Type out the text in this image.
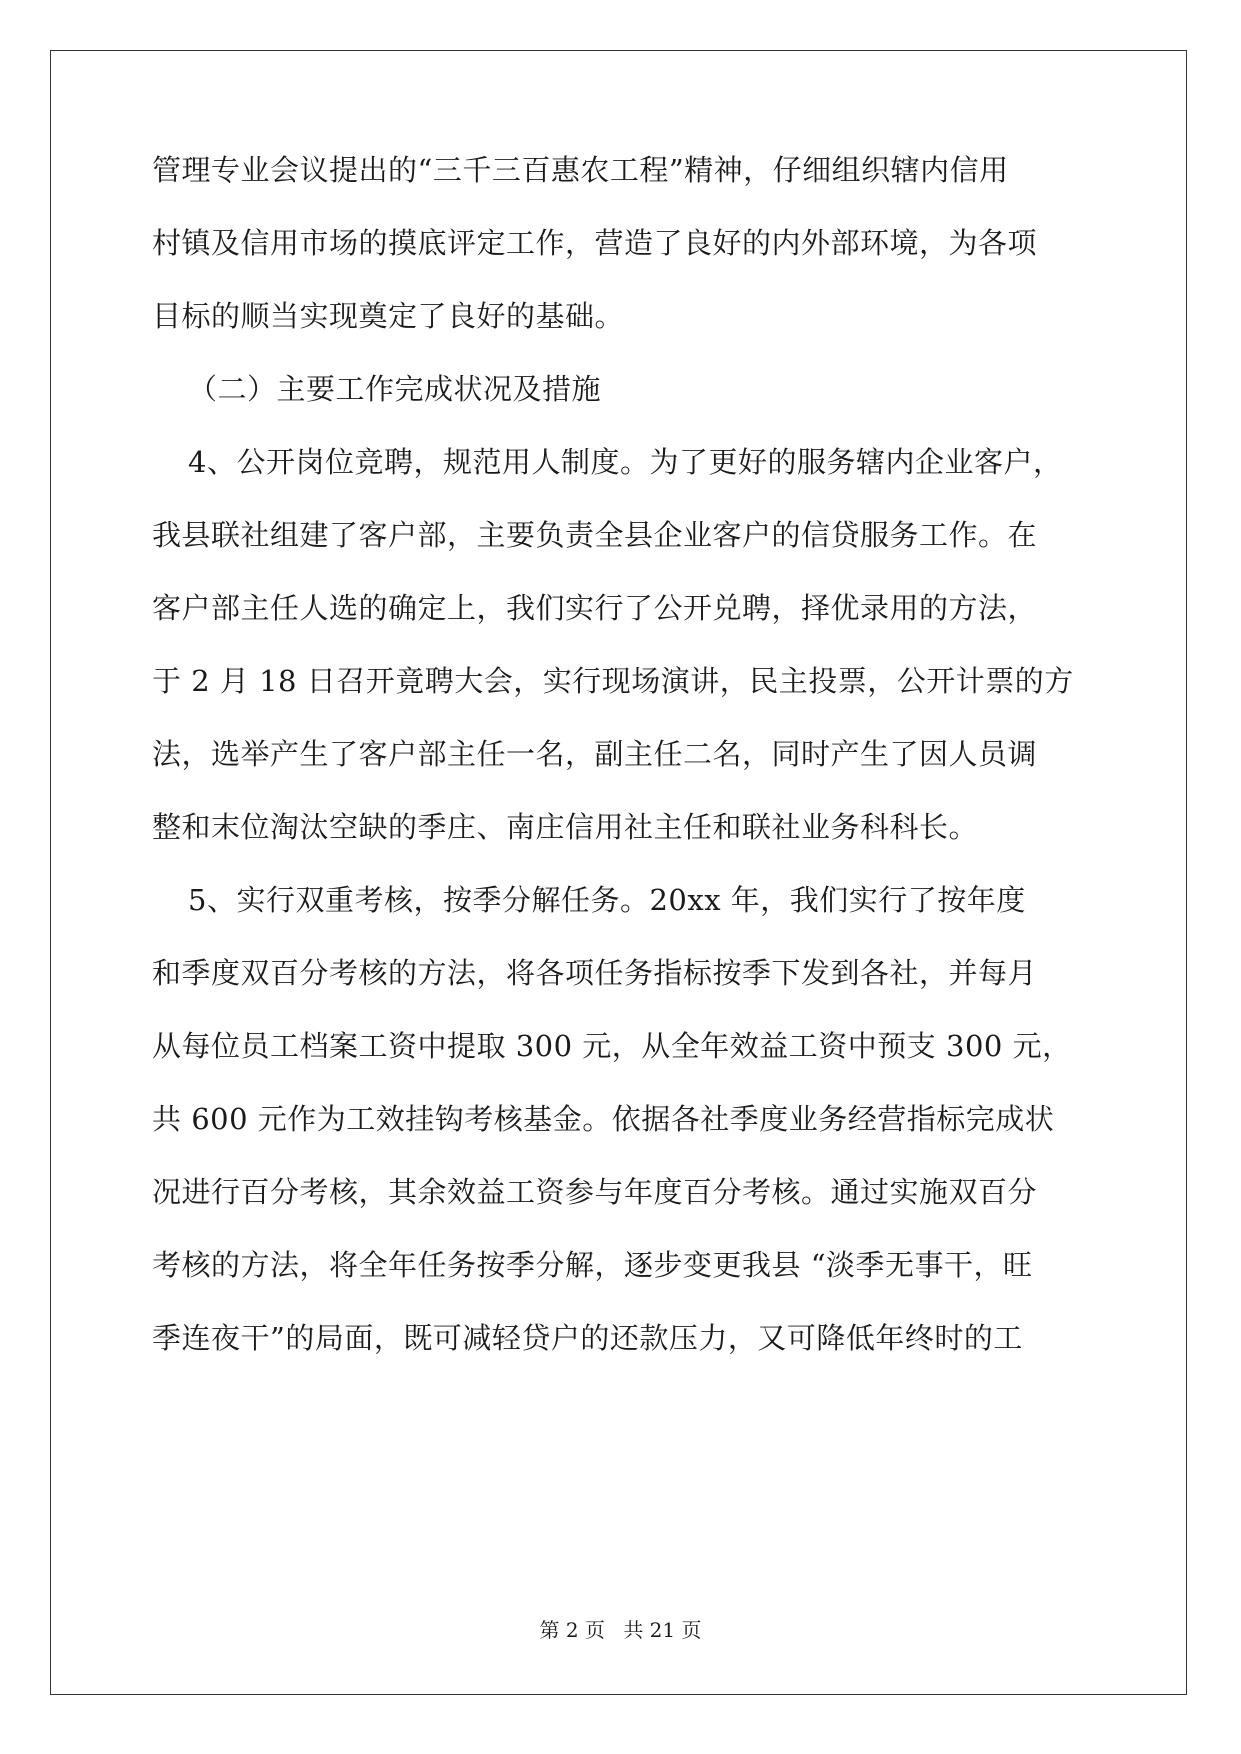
管理专业会议提出的“三千三百惠农工程”精神，仔细组织辖内信用
村镇及信用市场的摸底评定工作，营造了良好的内外部环境，为各项
目标的顺当实现奠定了良好的基础。
（二）主要工作完成状况及措施
4、公开岗位竞聘，规范用人制度。为了更好的服务辖内企业客户，
我县联社组建了客户部，主要负责全县企业客户的信贷服务工作。在
客户部主任人选的确定上，我们实行了公开兑聘，择优录用的方法，
于 2 月 18 日召开竟聘大会，实行现场演讲，民主投票，公开计票的方
法，选举产生了客户部主任一名，副主任二名，同时产生了因人员调
整和末位淘汰空缺的季庄、南庄信用社主任和联社业务科科长。
5、实行双重考核，按季分解任务。20xx 年，我们实行了按年度
和季度双百分考核的方法，将各项任务指标按季下发到各社，并每月
从每位员工档案工资中提取 300 元，从全年效益工资中预支 300 元，
共 600 元作为工效挂钩考核基金。依据各社季度业务经营指标完成状
况进行百分考核，其余效益工资参与年度百分考核。通过实施双百分
考核的方法，将全年任务按季分解，逐步变更我县 “淡季无事干，旺
季连夜干”的局面，既可减轻贷户的还款压力，又可降低年终时的工
第 2 页 共 21 页
